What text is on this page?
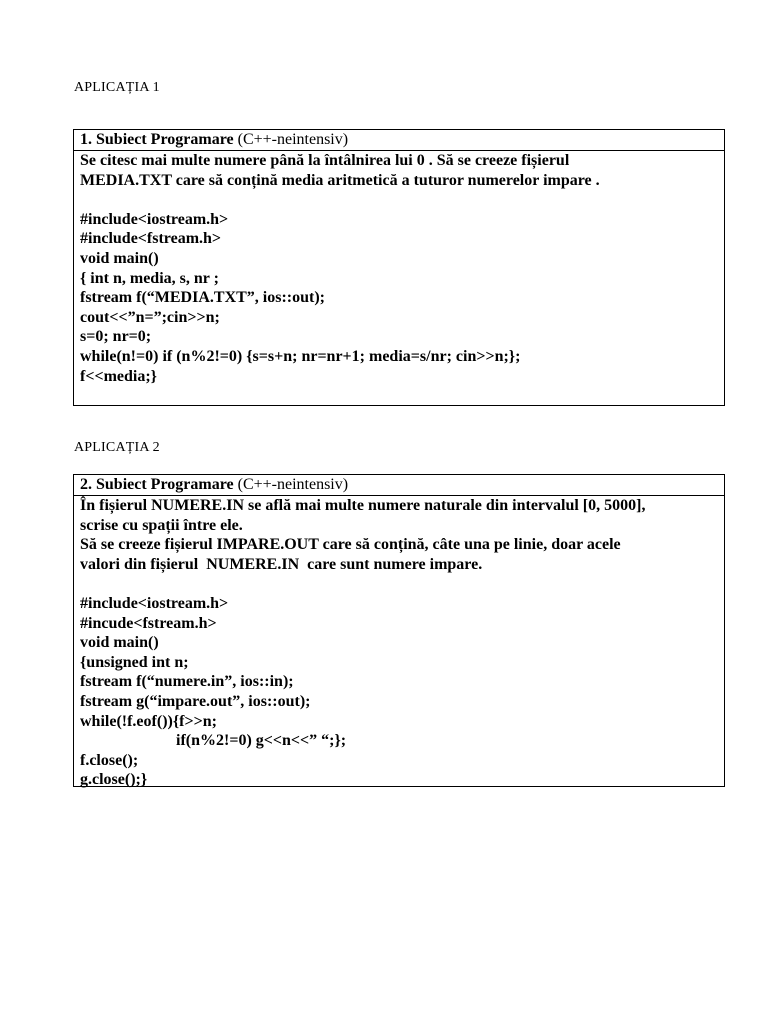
APLICAȚIA 1
1. Subiect Programare (C++-neintensiv)
Se citesc mai multe numere până la întâlnirea lui 0 . Să se creeze fișierul
MEDIA.TXT care să conțină media aritmetică a tuturor numerelor impare .
#include<iostream.h>
#include<fstream.h>
void main()
{ int n, media, s, nr ;
fstream f(“MEDIA.TXT”, ios::out);
cout<<”n=”;cin>>n;
s=0; nr=0;
while(n!=0) if (n%2!=0) {s=s+n; nr=nr+1; media=s/nr; cin>>n;};
f<<media;}
APLICAȚIA 2
2. Subiect Programare (C++-neintensiv)
În fișierul NUMERE.IN se află mai multe numere naturale din intervalul [0, 5000],
scrise cu spații între ele.
Să se creeze fișierul IMPARE.OUT care să conțină, câte una pe linie, doar acele
valori din fișierul  NUMERE.IN  care sunt numere impare.
#include<iostream.h>
#incude<fstream.h>
void main()
{unsigned int n;
fstream f(“numere.in”, ios::in);
fstream g(“impare.out”, ios::out);
while(!f.eof()){f>>n;
if(n%2!=0) g<<n<<” “;};
f.close();
g.close();}
